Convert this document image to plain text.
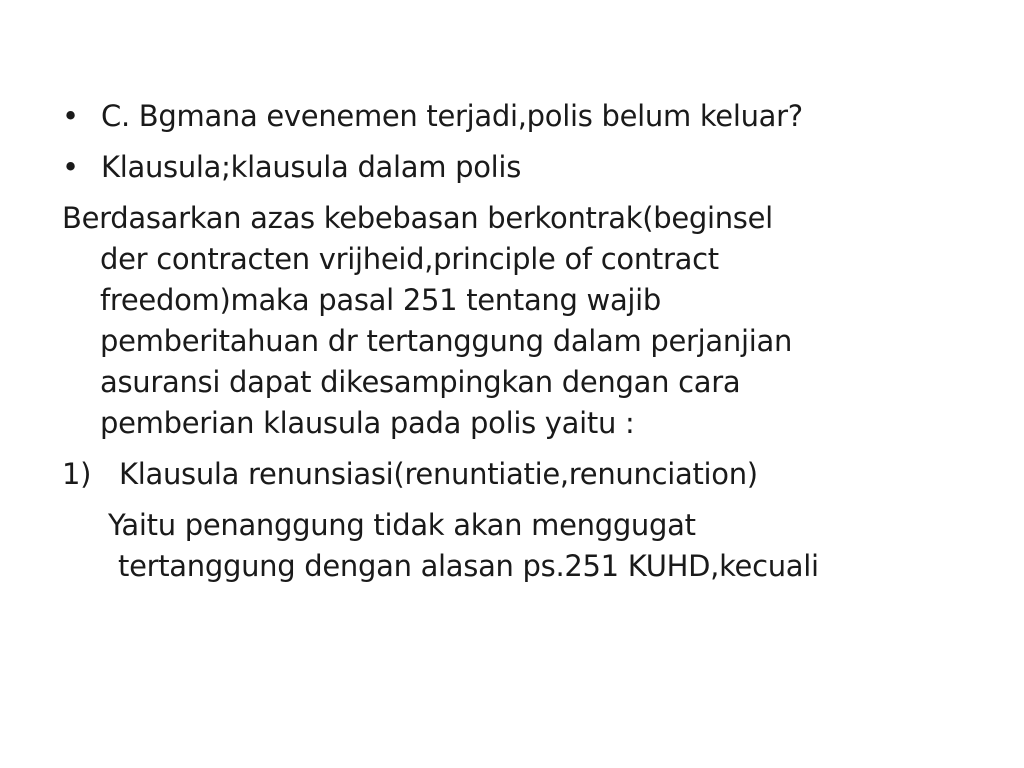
• C. Bgmana evenemen terjadi,polis belum keluar?
• Klausula;klausula dalam polis
Berdasarkan azas kebebasan berkontrak(beginsel
der contracten vrijheid,principle of contract
freedom)maka pasal 251 tentang wajib
pemberitahuan dr tertanggung dalam perjanjian
asuransi dapat dikesampingkan dengan cara
pemberian klausula pada polis yaitu :
1) Klausula renunsiasi(renuntiatie,renunciation)
Yaitu penanggung tidak akan menggugat
tertanggung dengan alasan ps.251 KUHD,kecuali
